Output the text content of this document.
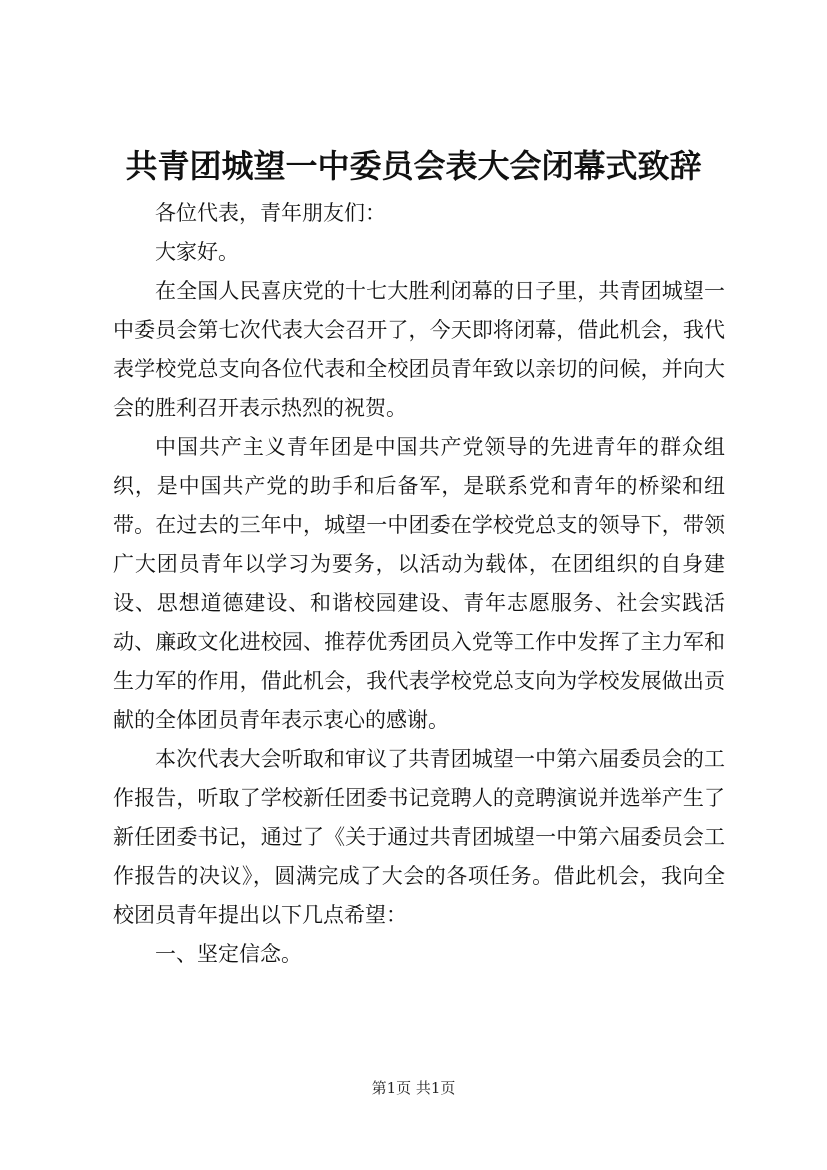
共青团城望一中委员会表大会闭幕式致辞

各位代表，青年朋友们：

大家好。

在全国人民喜庆党的十七大胜利闭幕的日子里，共青团城望一中委员会第七次代表大会召开了，今天即将闭幕，借此机会，我代表学校党总支向各位代表和全校团员青年致以亲切的问候，并向大会的胜利召开表示热烈的祝贺。

中国共产主义青年团是中国共产党领导的先进青年的群众组织，是中国共产党的助手和后备军，是联系党和青年的桥梁和纽带。在过去的三年中，城望一中团委在学校党总支的领导下，带领广大团员青年以学习为要务，以活动为载体，在团组织的自身建设、思想道德建设、和谐校园建设、青年志愿服务、社会实践活动、廉政文化进校园、推荐优秀团员入党等工作中发挥了主力军和生力军的作用，借此机会，我代表学校党总支向为学校发展做出贡献的全体团员青年表示衷心的感谢。

本次代表大会听取和审议了共青团城望一中第六届委员会的工作报告，听取了学校新任团委书记竞聘人的竞聘演说并选举产生了新任团委书记，通过了《关于通过共青团城望一中第六届委员会工作报告的决议》，圆满完成了大会的各项任务。借此机会，我向全校团员青年提出以下几点希望：

一、坚定信念。

第1页 共1页
